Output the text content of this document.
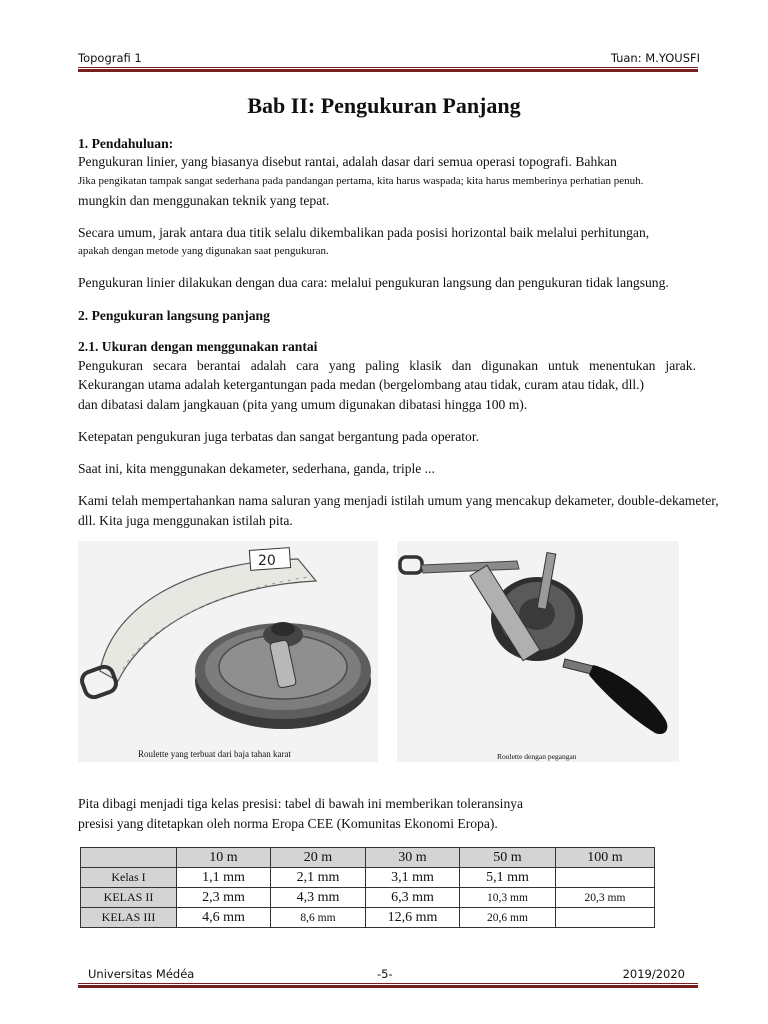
Topografi 1	Tuan: M.YOUSFI
Bab II: Pengukuran Panjang
1. Pendahuluan:
Pengukuran linier, yang biasanya disebut rantai, adalah dasar dari semua operasi topografi. Bahkan
Jika pengikatan tampak sangat sederhana pada pandangan pertama, kita harus waspada; kita harus memberinya perhatian penuh.
mungkin dan menggunakan teknik yang tepat.
Secara umum, jarak antara dua titik selalu dikembalikan pada posisi horizontal baik melalui perhitungan,
apakah dengan metode yang digunakan saat pengukuran.
Pengukuran linier dilakukan dengan dua cara: melalui pengukuran langsung dan pengukuran tidak langsung.
2. Pengukuran langsung panjang
2.1. Ukuran dengan menggunakan rantai
Pengukuran secara berantai adalah cara yang paling klasik dan digunakan untuk menentukan jarak.
Kekurangan utama adalah ketergantungan pada medan (bergelombang atau tidak, curam atau tidak, dll.)
dan dibatasi dalam jangkauan (pita yang umum digunakan dibatasi hingga 100 m).
Ketepatan pengukuran juga terbatas dan sangat bergantung pada operator.
Saat ini, kita menggunakan dekameter, sederhana, ganda, triple ...
Kami telah mempertahankan nama saluran yang menjadi istilah umum yang mencakup dekameter, double-dekameter,
dll. Kita juga menggunakan istilah pita.
20
Roulette yang terbuat dari baja tahan karat	Roulette dengan pegangan
Pita dibagi menjadi tiga kelas presisi: tabel di bawah ini memberikan toleransinya
presisi yang ditetapkan oleh norma Eropa CEE (Komunitas Ekonomi Eropa).
	10 m	20 m	30 m	50 m	100 m
Kelas I	1,1 mm	2,1 mm	3,1 mm	5,1 mm	
KELAS II	2,3 mm	4,3 mm	6,3 mm	10,3 mm	20,3 mm
KELAS III	4,6 mm	8,6 mm	12,6 mm	20,6 mm	
Universitas Médéa	-5-	2019/2020
